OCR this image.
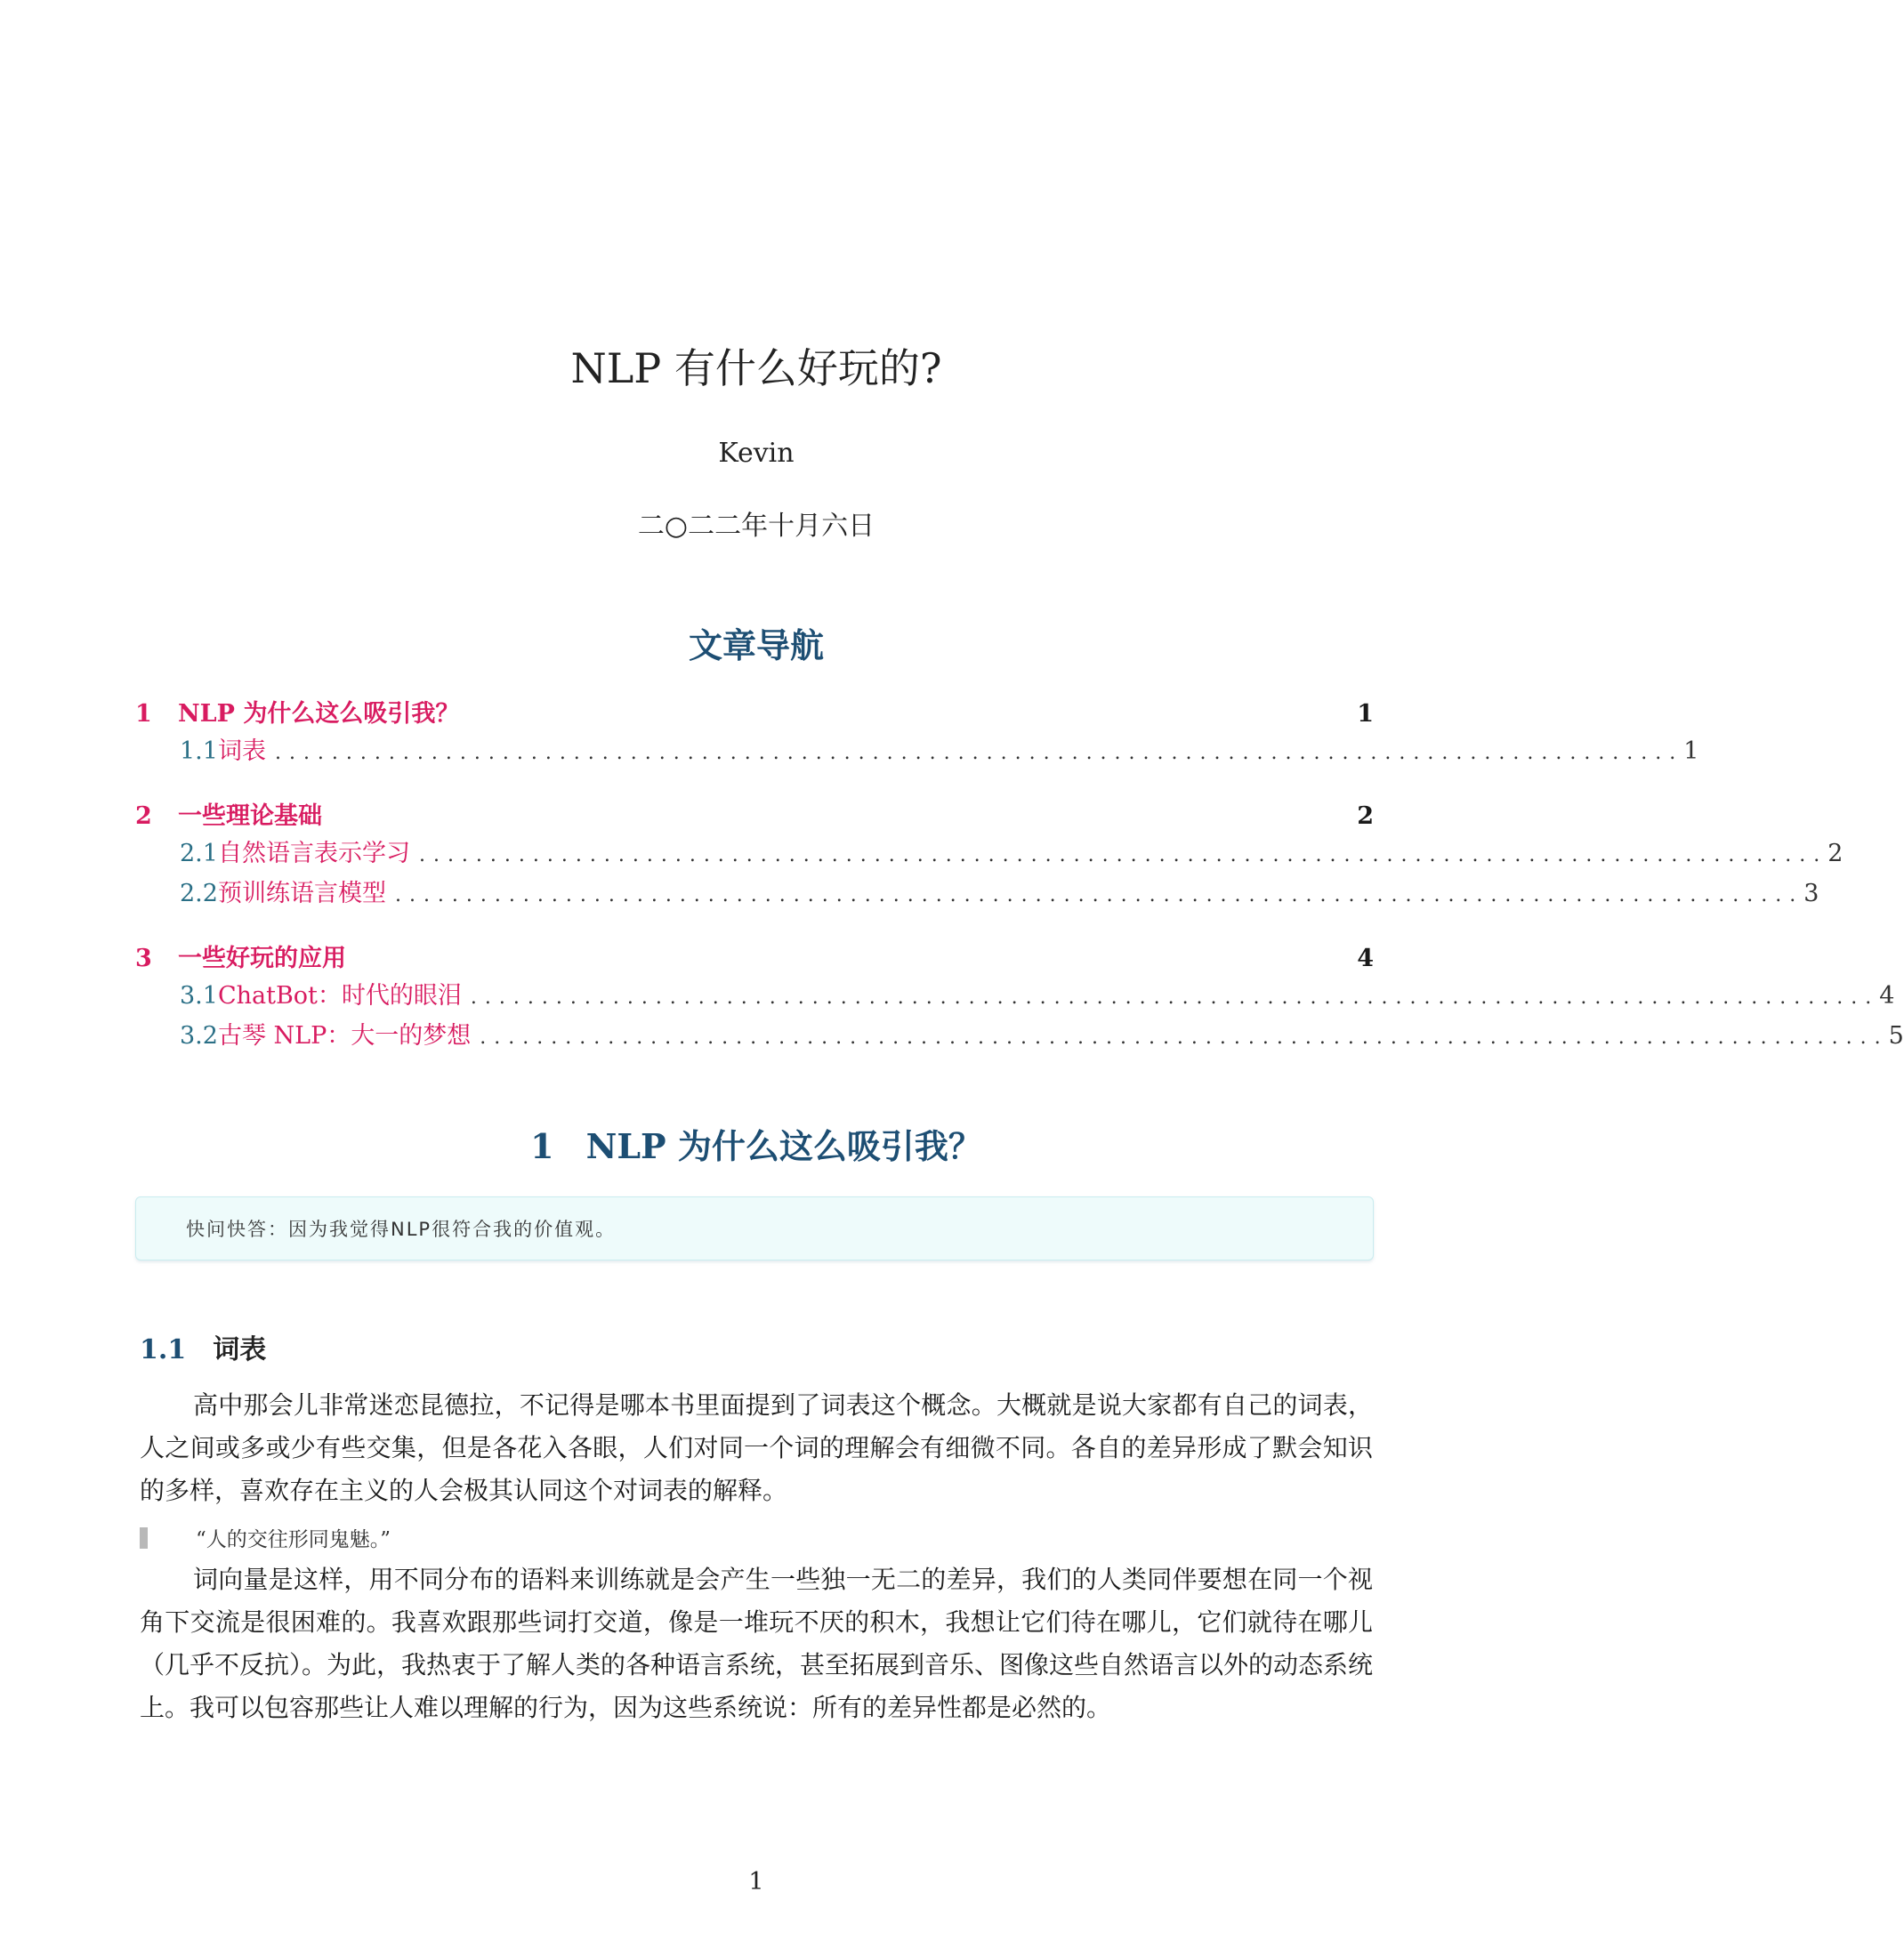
NLP 有什么好玩的?
Kevin
二○二二年十月六日
文章导航
1	NLP 为什么这么吸引我？	1
1.1 词表 ................................................................................................... 1
2	一些理论基础	2
2.1 自然语言表示学习 ................................................................................................... 2
2.2 预训练语言模型 ................................................................................................... 3
3	一些好玩的应用	4
3.1 ChatBot：时代的眼泪 ................................................................................................... 4
3.2 古琴 NLP：大一的梦想 ................................................................................................... 5
1 NLP 为什么这么吸引我？
快问快答：因为我觉得NLP很符合我的价值观。
1.1 词表
高中那会儿非常迷恋昆德拉，不记得是哪本书里面提到了词表这个概念。大概就是说大家都有自己的词表，人之间或多或少有些交集，但是各花入各眼，人们对同一个词的理解会有细微不同。各自的差异形成了默会知识的多样，喜欢存在主义的人会极其认同这个对词表的解释。
“人的交往形同鬼魅。”
词向量是这样，用不同分布的语料来训练就是会产生一些独一无二的差异，我们的人类同伴要想在同一个视角下交流是很困难的。我喜欢跟那些词打交道，像是一堆玩不厌的积木，我想让它们待在哪儿，它们就待在哪儿（几乎不反抗）。为此，我热衷于了解人类的各种语言系统，甚至拓展到音乐、图像这些自然语言以外的动态系统上。我可以包容那些让人难以理解的行为，因为这些系统说：所有的差异性都是必然的。
1
